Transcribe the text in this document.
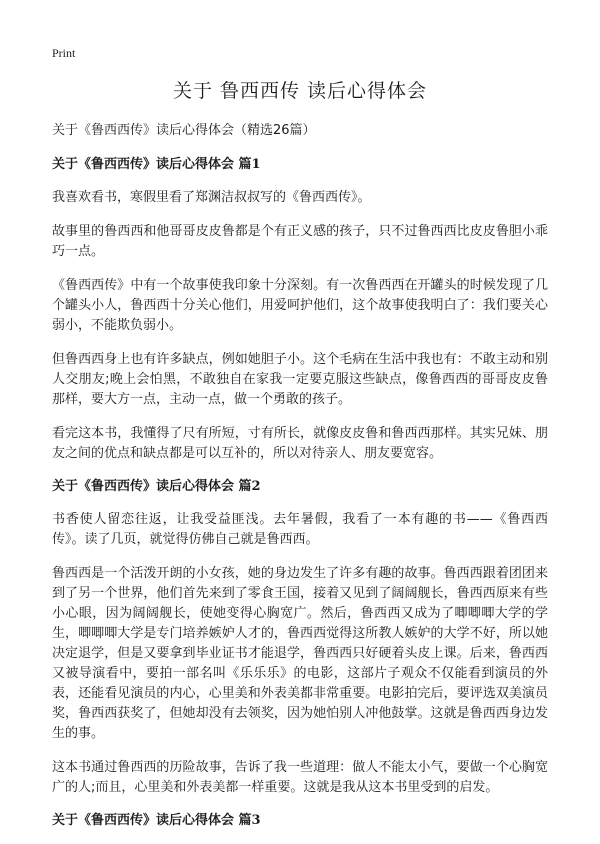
Print
关于 鲁西西传 读后心得体会

关于《鲁西西传》读后心得体会（精选26篇）

关于《鲁西西传》读后心得体会 篇1

我喜欢看书，寒假里看了郑渊洁叔叔写的《鲁西西传》。

故事里的鲁西西和他哥哥皮皮鲁都是个有正义感的孩子，只不过鲁西西比皮皮鲁胆小乖巧一点。

《鲁西西传》中有一个故事使我印象十分深刻。有一次鲁西西在开罐头的时候发现了几个罐头小人，鲁西西十分关心他们，用爱呵护他们，这个故事使我明白了：我们要关心弱小，不能欺负弱小。

但鲁西西身上也有许多缺点，例如她胆子小。这个毛病在生活中我也有：不敢主动和别人交朋友;晚上会怕黑，不敢独自在家我一定要克服这些缺点，像鲁西西的哥哥皮皮鲁那样，要大方一点，主动一点，做一个勇敢的孩子。

看完这本书，我懂得了尺有所短，寸有所长，就像皮皮鲁和鲁西西那样。其实兄妹、朋友之间的优点和缺点都是可以互补的，所以对待亲人、朋友要宽容。

关于《鲁西西传》读后心得体会 篇2

书香使人留恋往返，让我受益匪浅。去年暑假，我看了一本有趣的书——《鲁西西传》。读了几页，就觉得仿佛自己就是鲁西西。

鲁西西是一个活泼开朗的小女孩，她的身边发生了许多有趣的故事。鲁西西跟着团团来到了另一个世界，他们首先来到了零食王国，接着又见到了阔阔舰长，鲁西西原来有些小心眼，因为阔阔舰长，使她变得心胸宽广。然后，鲁西西又成为了唧唧唧大学的学生，唧唧唧大学是专门培养嫉妒人才的，鲁西西觉得这所教人嫉妒的大学不好，所以她决定退学，但是又要拿到毕业证书才能退学，鲁西西只好硬着头皮上课。后来，鲁西西又被导演看中，要拍一部名叫《乐乐乐》的电影，这部片子观众不仅能看到演员的外表，还能看见演员的内心，心里美和外表美都非常重要。电影拍完后，要评选双美演员奖，鲁西西获奖了，但她却没有去领奖，因为她怕别人冲他鼓掌。这就是鲁西西身边发生的事。

这本书通过鲁西西的历险故事，告诉了我一些道理：做人不能太小气，要做一个心胸宽广的人;而且，心里美和外表美都一样重要。这就是我从这本书里受到的启发。

关于《鲁西西传》读后心得体会 篇3
